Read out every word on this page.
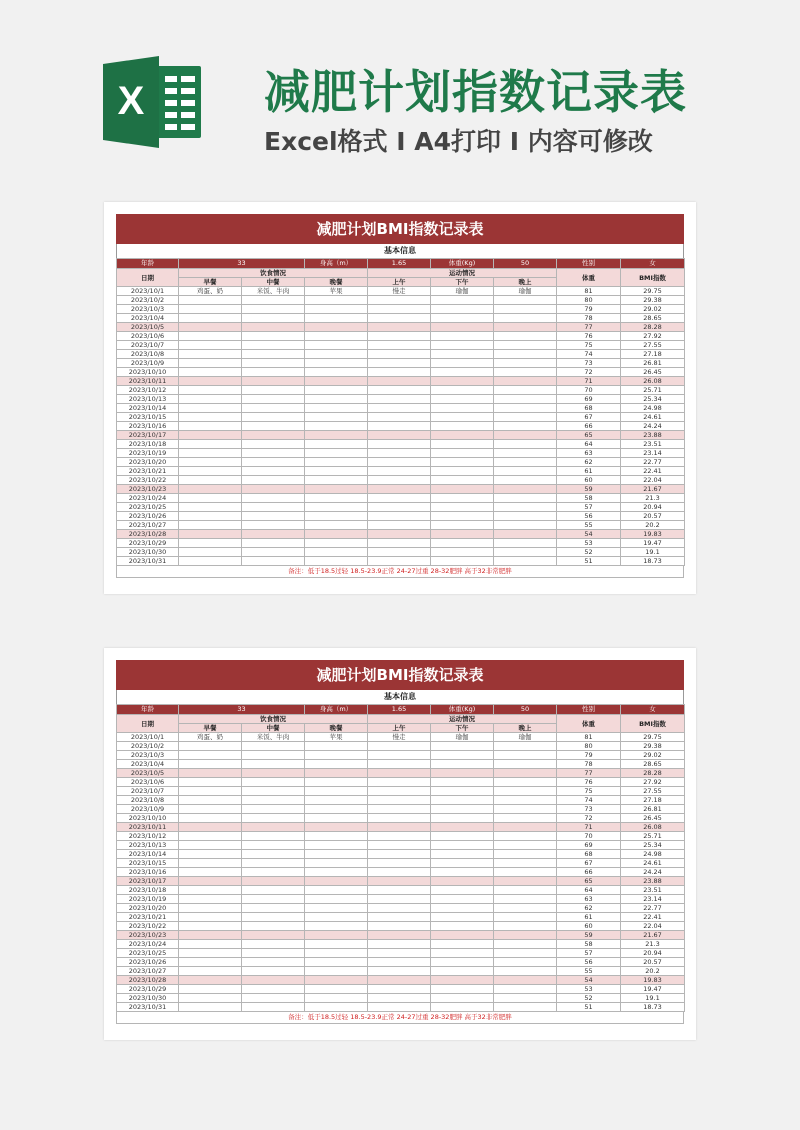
X	减肥计划指数记录表
Excel格式 I A4打印 I 内容可修改
减肥计划BMI指数记录表
基本信息
年龄	33		身高（m）	1.65	体重(Kg)	50	性别	女
日期	饮食情况			运动情况			体重	BMI指数
	早餐	中餐	晚餐	上午	下午	晚上		
2023/10/1	鸡蛋、奶	米饭、牛肉	苹果	慢走	瑜伽	瑜伽	81	29.75
2023/10/2							80	29.38
2023/10/3							79	29.02
2023/10/4							78	28.65
2023/10/5							77	28.28
2023/10/6							76	27.92
2023/10/7							75	27.55
2023/10/8							74	27.18
2023/10/9							73	26.81
2023/10/10							72	26.45
2023/10/11							71	26.08
2023/10/12							70	25.71
2023/10/13							69	25.34
2023/10/14							68	24.98
2023/10/15							67	24.61
2023/10/16							66	24.24
2023/10/17							65	23.88
2023/10/18							64	23.51
2023/10/19							63	23.14
2023/10/20							62	22.77
2023/10/21							61	22.41
2023/10/22							60	22.04
2023/10/23							59	21.67
2023/10/24							58	21.3
2023/10/25							57	20.94
2023/10/26							56	20.57
2023/10/27							55	20.2
2023/10/28							54	19.83
2023/10/29							53	19.47
2023/10/30							52	19.1
2023/10/31							51	18.73
备注：低于18.5过轻 18.5-23.9正常 24-27过重 28-32肥胖 高于32非常肥胖
减肥计划BMI指数记录表
基本信息
年龄	33		身高（m）	1.65	体重(Kg)	50	性别	女
日期	饮食情况			运动情况			体重	BMI指数
	早餐	中餐	晚餐	上午	下午	晚上		
2023/10/1	鸡蛋、奶	米饭、牛肉	苹果	慢走	瑜伽	瑜伽	81	29.75
2023/10/2							80	29.38
2023/10/3							79	29.02
2023/10/4							78	28.65
2023/10/5							77	28.28
2023/10/6							76	27.92
2023/10/7							75	27.55
2023/10/8							74	27.18
2023/10/9							73	26.81
2023/10/10							72	26.45
2023/10/11							71	26.08
2023/10/12							70	25.71
2023/10/13							69	25.34
2023/10/14							68	24.98
2023/10/15							67	24.61
2023/10/16							66	24.24
2023/10/17							65	23.88
2023/10/18							64	23.51
2023/10/19							63	23.14
2023/10/20							62	22.77
2023/10/21							61	22.41
2023/10/22							60	22.04
2023/10/23							59	21.67
2023/10/24							58	21.3
2023/10/25							57	20.94
2023/10/26							56	20.57
2023/10/27							55	20.2
2023/10/28							54	19.83
2023/10/29							53	19.47
2023/10/30							52	19.1
2023/10/31							51	18.73
备注：低于18.5过轻 18.5-23.9正常 24-27过重 28-32肥胖 高于32非常肥胖
